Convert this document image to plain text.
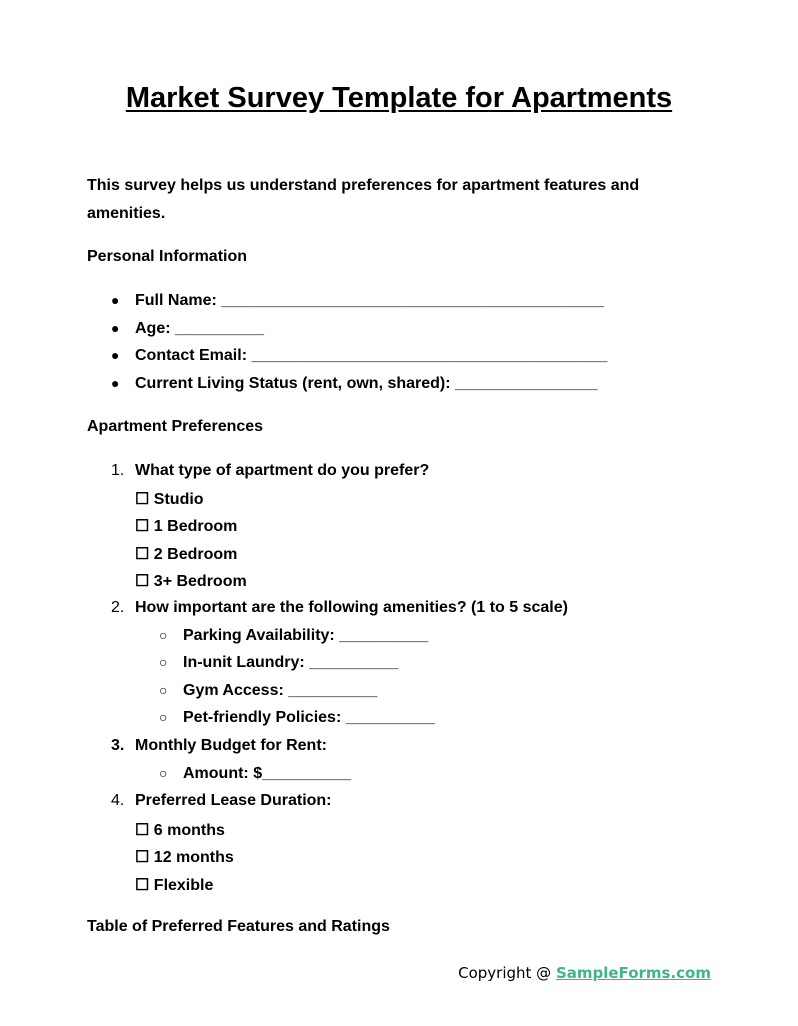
Market Survey Template for Apartments

This survey helps us understand preferences for apartment features and amenities.

Personal Information
● Full Name: ___________________________________________
● Age: __________
● Contact Email: ________________________________________
● Current Living Status (rent, own, shared): ________________
Apartment Preferences
1. What type of apartment do you prefer?
☐ Studio
☐ 1 Bedroom
☐ 2 Bedroom
☐ 3+ Bedroom
2. How important are the following amenities? (1 to 5 scale)
○ Parking Availability: __________
○ In-unit Laundry: __________
○ Gym Access: __________
○ Pet-friendly Policies: __________
3. Monthly Budget for Rent:
○ Amount: $__________
4. Preferred Lease Duration:
☐ 6 months
☐ 12 months
☐ Flexible
Table of Preferred Features and Ratings
Copyright @ SampleForms.com
